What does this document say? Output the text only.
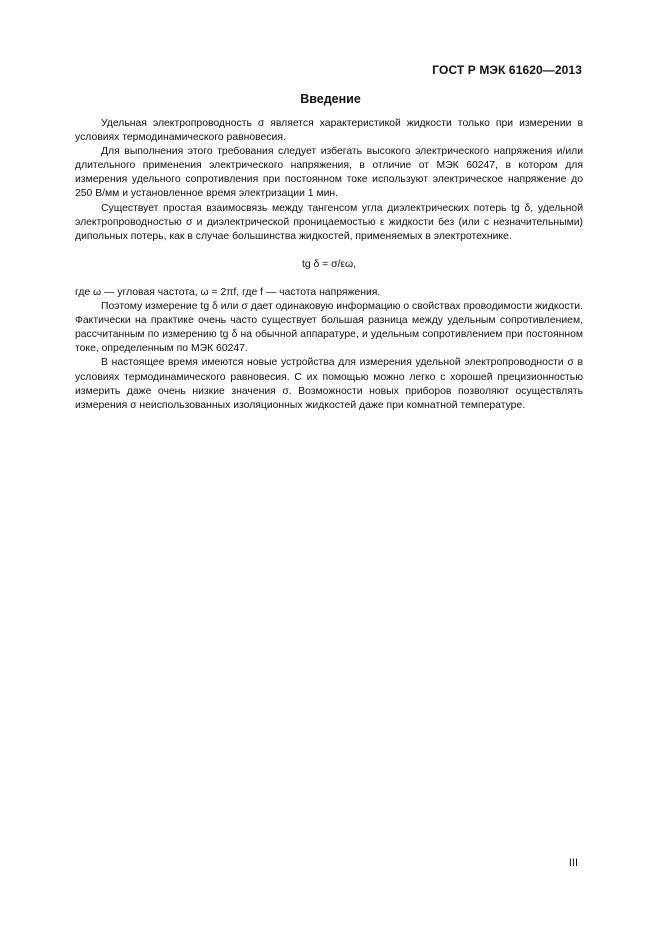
ГОСТ Р МЭК 61620—2013
Введение

Удельная электропроводность σ является характеристикой жидкости только при измерении в условиях термодинамического равновесия.

Для выполнения этого требования следует избегать высокого электрического напряжения и/или длительного применения электрического напряжения, в отличие от МЭК 60247, в котором для измерения удельного сопротивления при постоянном токе используют электрическое напряжение до 250 В/мм и установленное время электризации 1 мин.

Существует простая взаимосвязь между тангенсом угла диэлектрических потерь tg δ, удельной электропроводностью σ и диэлектрической проницаемостью ε жидкости без (или с незначительными) дипольных потерь, как в случае большинства жидкостей, применяемых в электротехнике.

tg δ = σ/εω,

где ω — угловая частота, ω = 2πf, где f — частота напряжения.

Поэтому измерение tg δ или σ дает одинаковую информацию о свойствах проводимости жидкости. Фактически на практике очень часто существует большая разница между удельным сопротивлением, рассчитанным по измерению tg δ на обычной аппаратуре, и удельным сопротивлением при постоянном токе, определенным по МЭК 60247.

В настоящее время имеются новые устройства для измерения удельной электропроводности σ в условиях термодинамического равновесия. С их помощью можно легко с хорошей прецизионностью измерить даже очень низкие значения σ. Возможности новых приборов позволяют осуществлять измерения σ неиспользованных изоляционных жидкостей даже при комнатной температуре.

III
